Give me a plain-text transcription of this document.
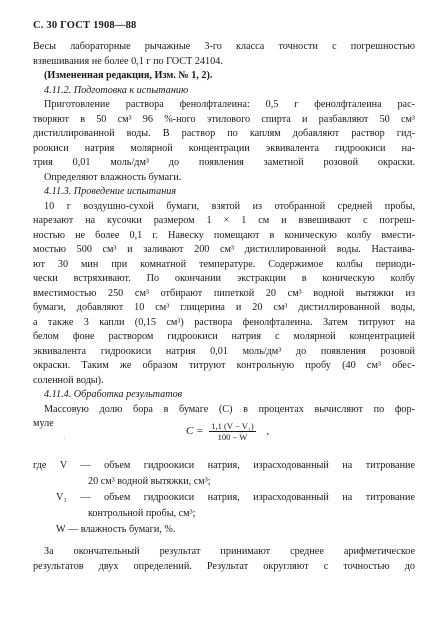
С. 30 ГОСТ 1908—88
Весы лабораторные рычажные 3-го класса точности с погрешностью
взвешивания не более 0,1 г по ГОСТ 24104.
(Измененная редакция, Изм. № 1, 2).
4.11.2. Подготовка к испытанию
Приготовление раствора фенолфталеина: 0,5 г фенолфталеина рас-
творяют в 50 см³ 96 %-ного этилового спирта и разбавляют 50 см³
дистиллированной воды. В раствор по каплям добавляют раствор гид-
роокиси натрия молярной концентрации эквивалента гидроокиси на-
трия 0,01 моль/дм³ до появления заметной розовой окраски.
Определяют влажность бумаги.
4.11.3. Проведение испытания
10 г воздушно-сухой бумаги, взятой из отобранной средней пробы,
нарезают на кусочки размером 1 × 1 см и взвешивают с погреш-
ностью не более 0,1 г. Навеску помещают в коническую колбу вмести-
мостью 500 см³ и заливают 200 см³ дистиллированной воды. Настаива-
ют 30 мин при комнатной температуре. Содержимое колбы периоди-
чески встряхивают. По окончании экстракции в коническую колбу
вместимостью 250 см³ отбирают пипеткой 20 см³ водной вытяжки из
бумаги, добавляют 10 см³ глицерина и 20 см³ дистиллированной воды,
а также 3 капли (0,15 см³) раствора фенолфталеина. Затем титруют на
белом фоне раствором гидроокиси натрия с молярной концентрацией
эквивалента гидроокиси натрия 0,01 моль/дм³ до появления розовой
окраски. Таким же образом титруют контрольную пробу (40 см³ обес-
соленной воды).
4.11.4. Обработка результатов
Массовую долю бора в бумаге (C) в процентах вычисляют по фор-
муле
.
$C = \frac{\text{1,1 (V − V₁)}}{100 - W}$ ,
где V — объем гидроокиси натрия, израсходованный на титрование
20 см³ водной вытяжки, см³;
V₁ — объем гидроокиси натрия, израсходованный на титрование
контрольной пробы, см³;
W — влажность бумаги, %.
За окончательный результат принимают среднее арифметическое
результатов двух определений. Результат округляют с точностью до
